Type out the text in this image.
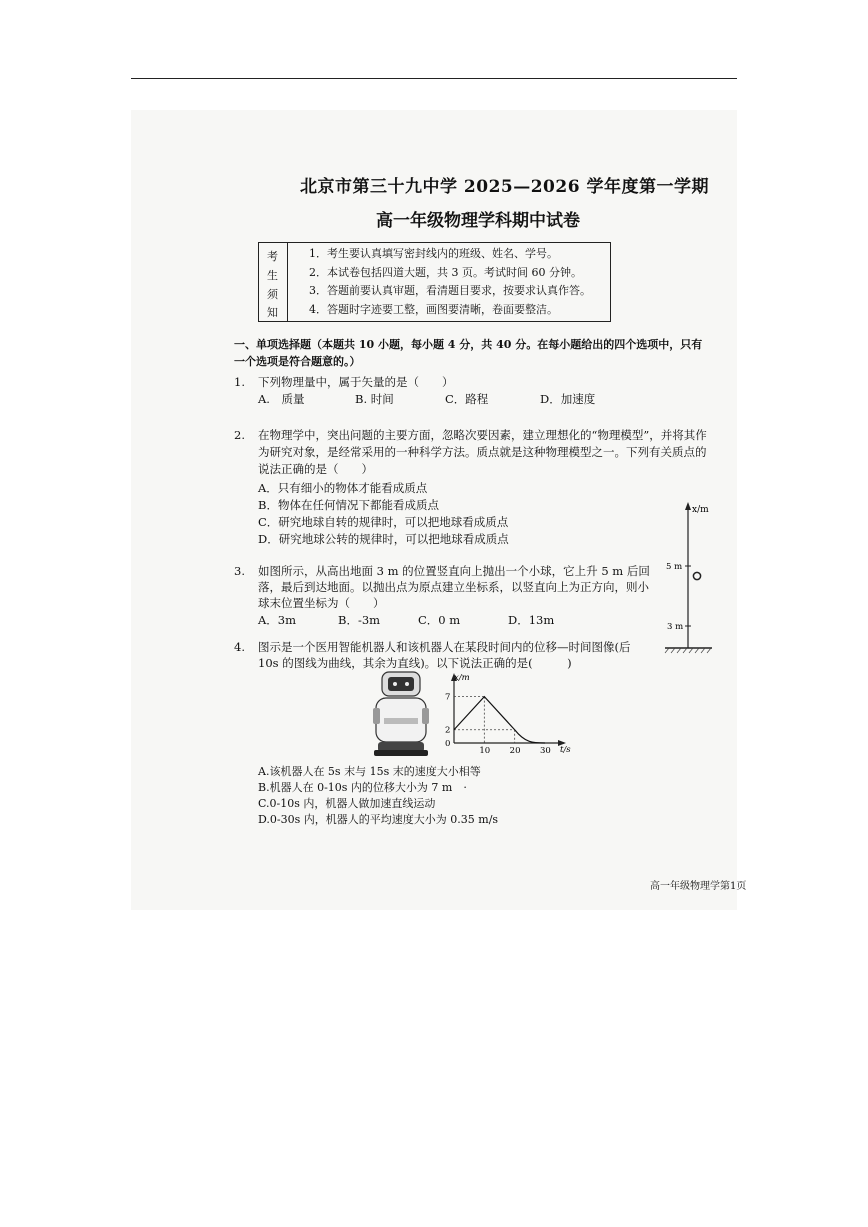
北京市第三十九中学 2025—2026 学年度第一学期
高一年级物理学科期中试卷
考
生
须
知
1．考生要认真填写密封线内的班级、姓名、学号。
2．本试卷包括四道大题，共 3 页。考试时间 60 分钟。
3．答题前要认真审题，看清题目要求，按要求认真作答。
4．答题时字迹要工整，画图要清晰，卷面要整洁。
一、单项选择题（本题共 10 小题，每小题 4 分，共 40 分。在每小题给出的四个选项中，只有
一个选项是符合题意的。）
1. 下列物理量中，属于矢量的是（　　）
A.　质量	B. 时间	C．路程	D．加速度
2. 在物理学中，突出问题的主要方面，忽略次要因素，建立理想化的“物理模型”，并将其作
为研究对象，是经常采用的一种科学方法。质点就是这种物理模型之一。下列有关质点的
说法正确的是（　　）
A．只有细小的物体才能看成质点
B．物体在任何情况下都能看成质点
C．研究地球自转的规律时，可以把地球看成质点
D．研究地球公转的规律时，可以把地球看成质点
x/m
5 m
3 m
3. 如图所示，从高出地面 3 m 的位置竖直向上抛出一个小球，它上升 5 m 后回
落，最后到达地面。以抛出点为原点建立坐标系，以竖直向上为正方向，则小
球末位置坐标为（　　）
A．3m	B．-3m	C．0 m	D．13m
4. 图示是一个医用智能机器人和该机器人在某段时间内的位移—时间图像(后
10s 的图线为曲线，其余为直线)。以下说法正确的是(　　　)
x/m
t/s
7
2
0
10 20 30
A.该机器人在 5s 末与 15s 末的速度大小相等
B.机器人在 0-10s 内的位移大小为 7 m　·
C.0-10s 内，机器人做加速直线运动
D.0-30s 内，机器人的平均速度大小为 0.35 m/s
高一年级物理学第1页
